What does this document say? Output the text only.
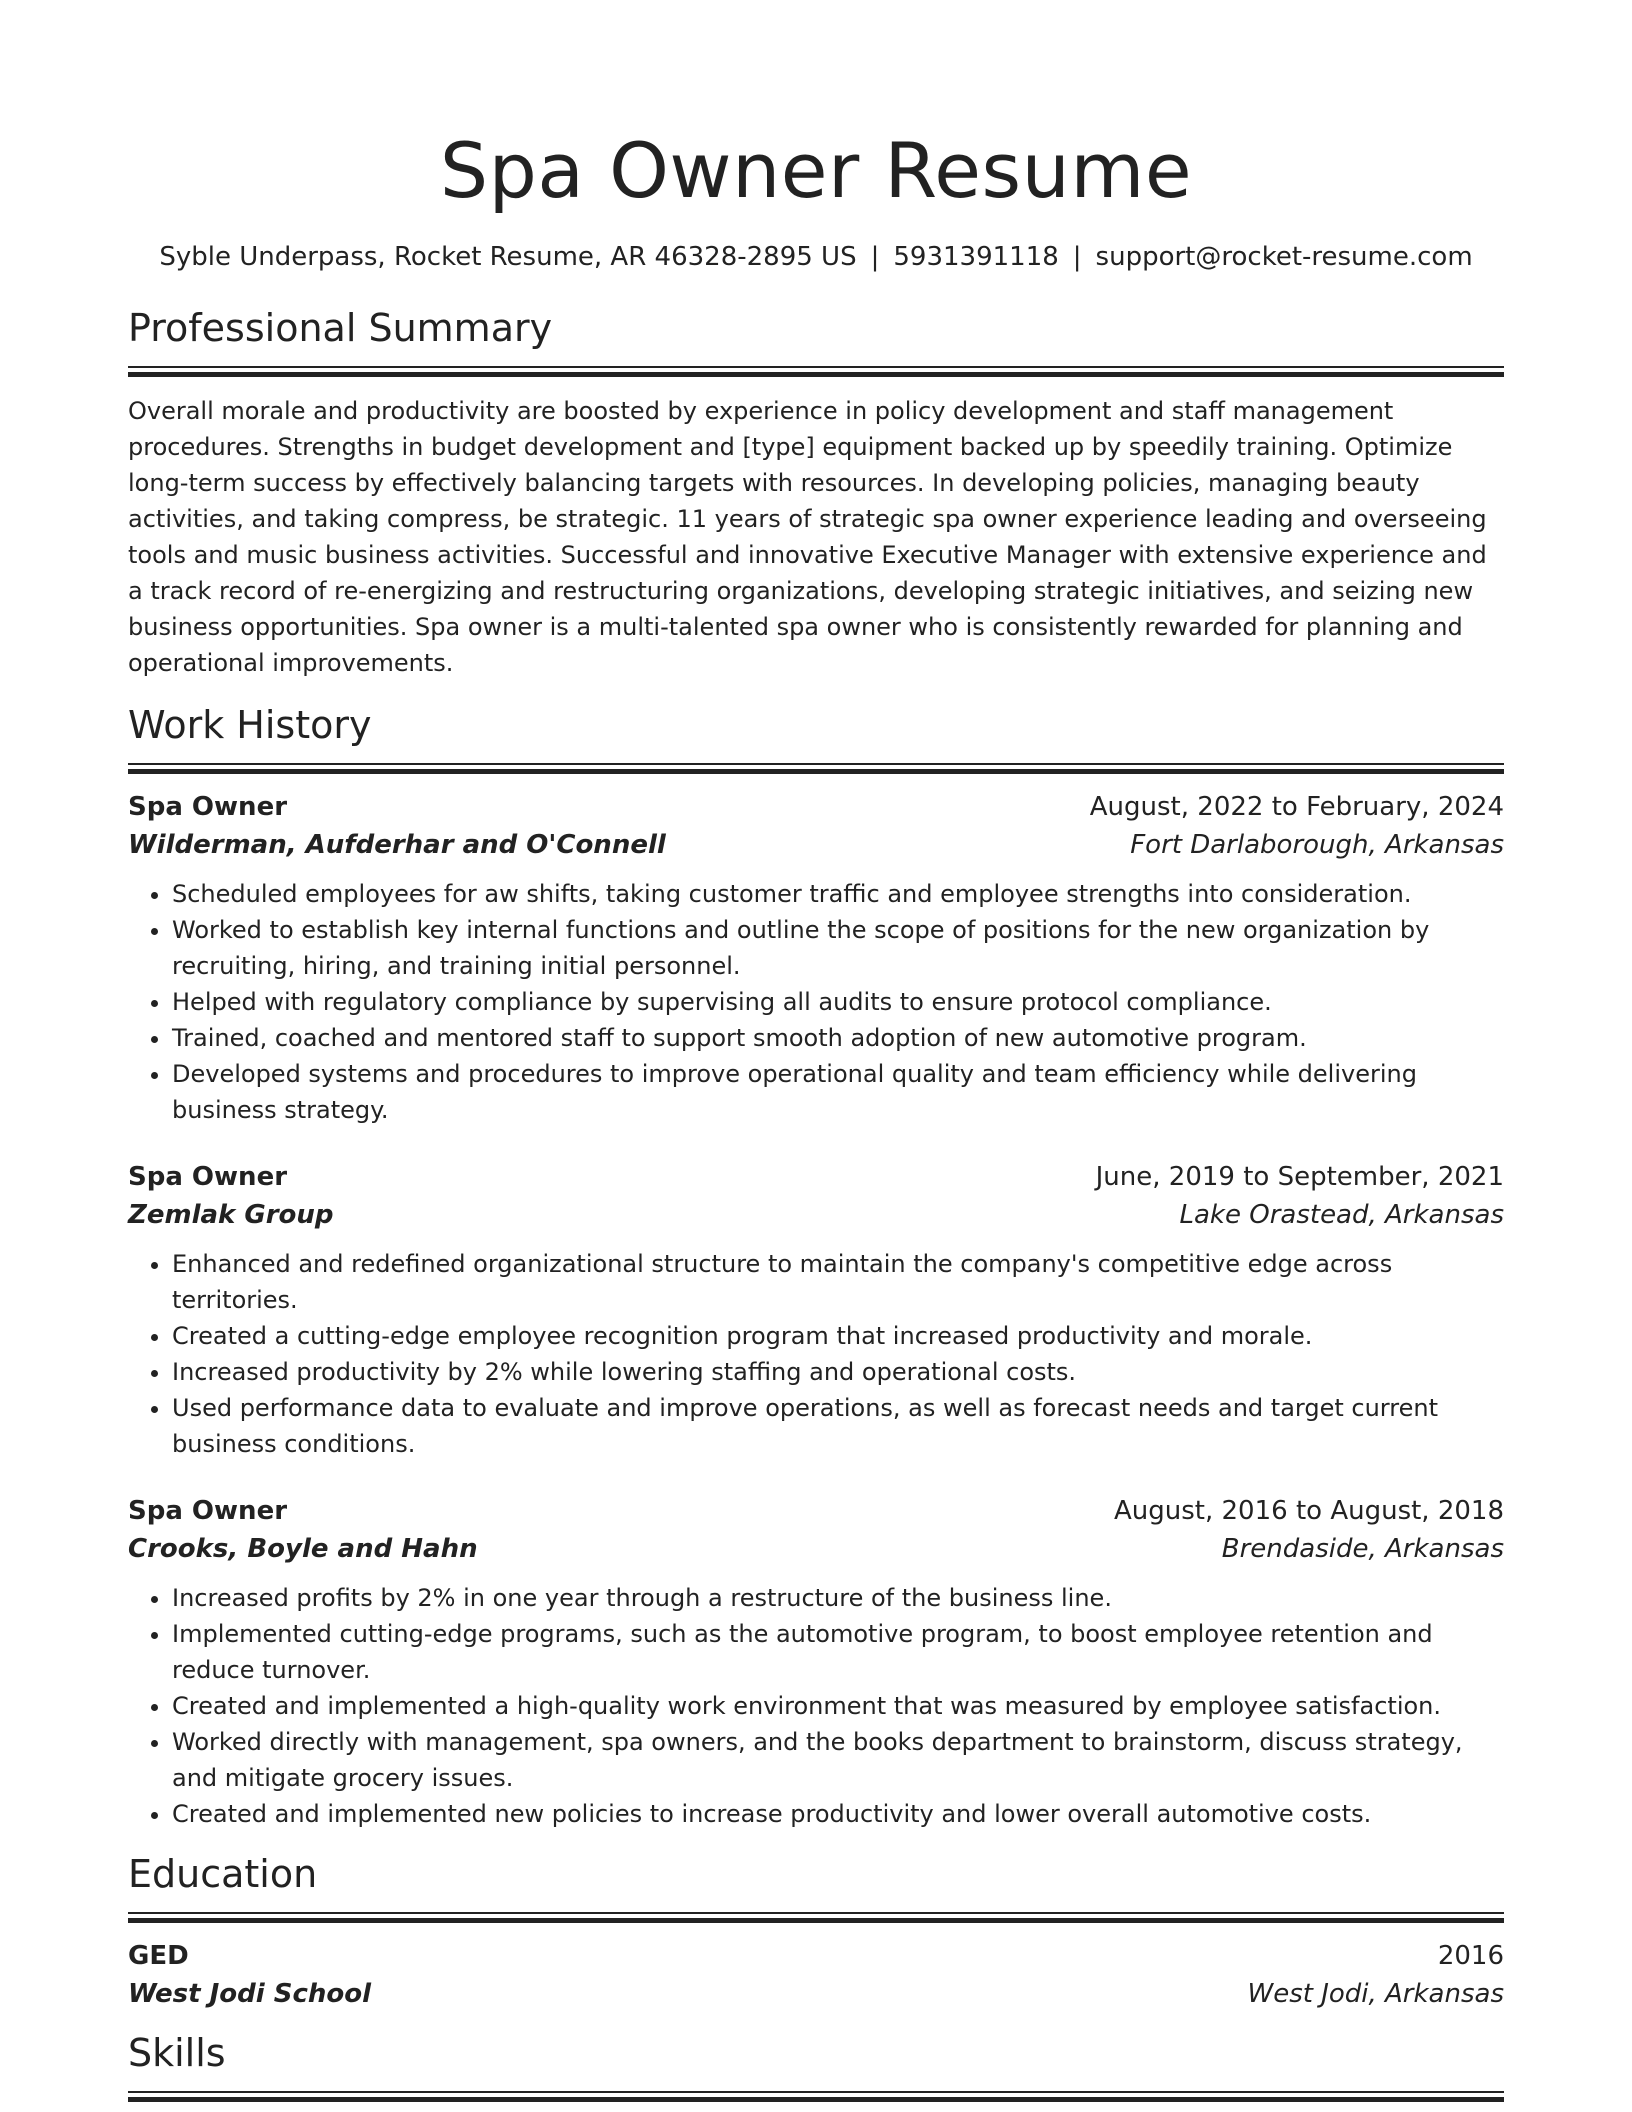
Spa Owner Resume
Syble Underpass, Rocket Resume, AR 46328-2895 US | 5931391118 | support@rocket-resume.com
Professional Summary

Overall morale and productivity are boosted by experience in policy development and staff management procedures. Strengths in budget development and [type] equipment backed up by speedily training. Optimize long-term success by effectively balancing targets with resources. In developing policies, managing beauty activities, and taking compress, be strategic. 11 years of strategic spa owner experience leading and overseeing tools and music business activities. Successful and innovative Executive Manager with extensive experience and a track record of re-energizing and restructuring organizations, developing strategic initiatives, and seizing new business opportunities. Spa owner is a multi-talented spa owner who is consistently rewarded for planning and operational improvements.

Work History
Spa Owner	August, 2022 to February, 2024
Wilderman, Aufderhar and O'Connell	Fort Darlaborough, Arkansas
• Scheduled employees for aw shifts, taking customer traffic and employee strengths into consideration.
• Worked to establish key internal functions and outline the scope of positions for the new organization by recruiting, hiring, and training initial personnel.
• Helped with regulatory compliance by supervising all audits to ensure protocol compliance.
• Trained, coached and mentored staff to support smooth adoption of new automotive program.
• Developed systems and procedures to improve operational quality and team efficiency while delivering business strategy.
Spa Owner	June, 2019 to September, 2021
Zemlak Group	Lake Orastead, Arkansas
• Enhanced and redefined organizational structure to maintain the company's competitive edge across territories.
• Created a cutting-edge employee recognition program that increased productivity and morale.
• Increased productivity by 2% while lowering staffing and operational costs.
• Used performance data to evaluate and improve operations, as well as forecast needs and target current business conditions.
Spa Owner	August, 2016 to August, 2018
Crooks, Boyle and Hahn	Brendaside, Arkansas
• Increased profits by 2% in one year through a restructure of the business line.
• Implemented cutting-edge programs, such as the automotive program, to boost employee retention and reduce turnover.
• Created and implemented a high-quality work environment that was measured by employee satisfaction.
• Worked directly with management, spa owners, and the books department to brainstorm, discuss strategy, and mitigate grocery issues.
• Created and implemented new policies to increase productivity and lower overall automotive costs.
Education
GED	2016
West Jodi School	West Jodi, Arkansas
Skills
